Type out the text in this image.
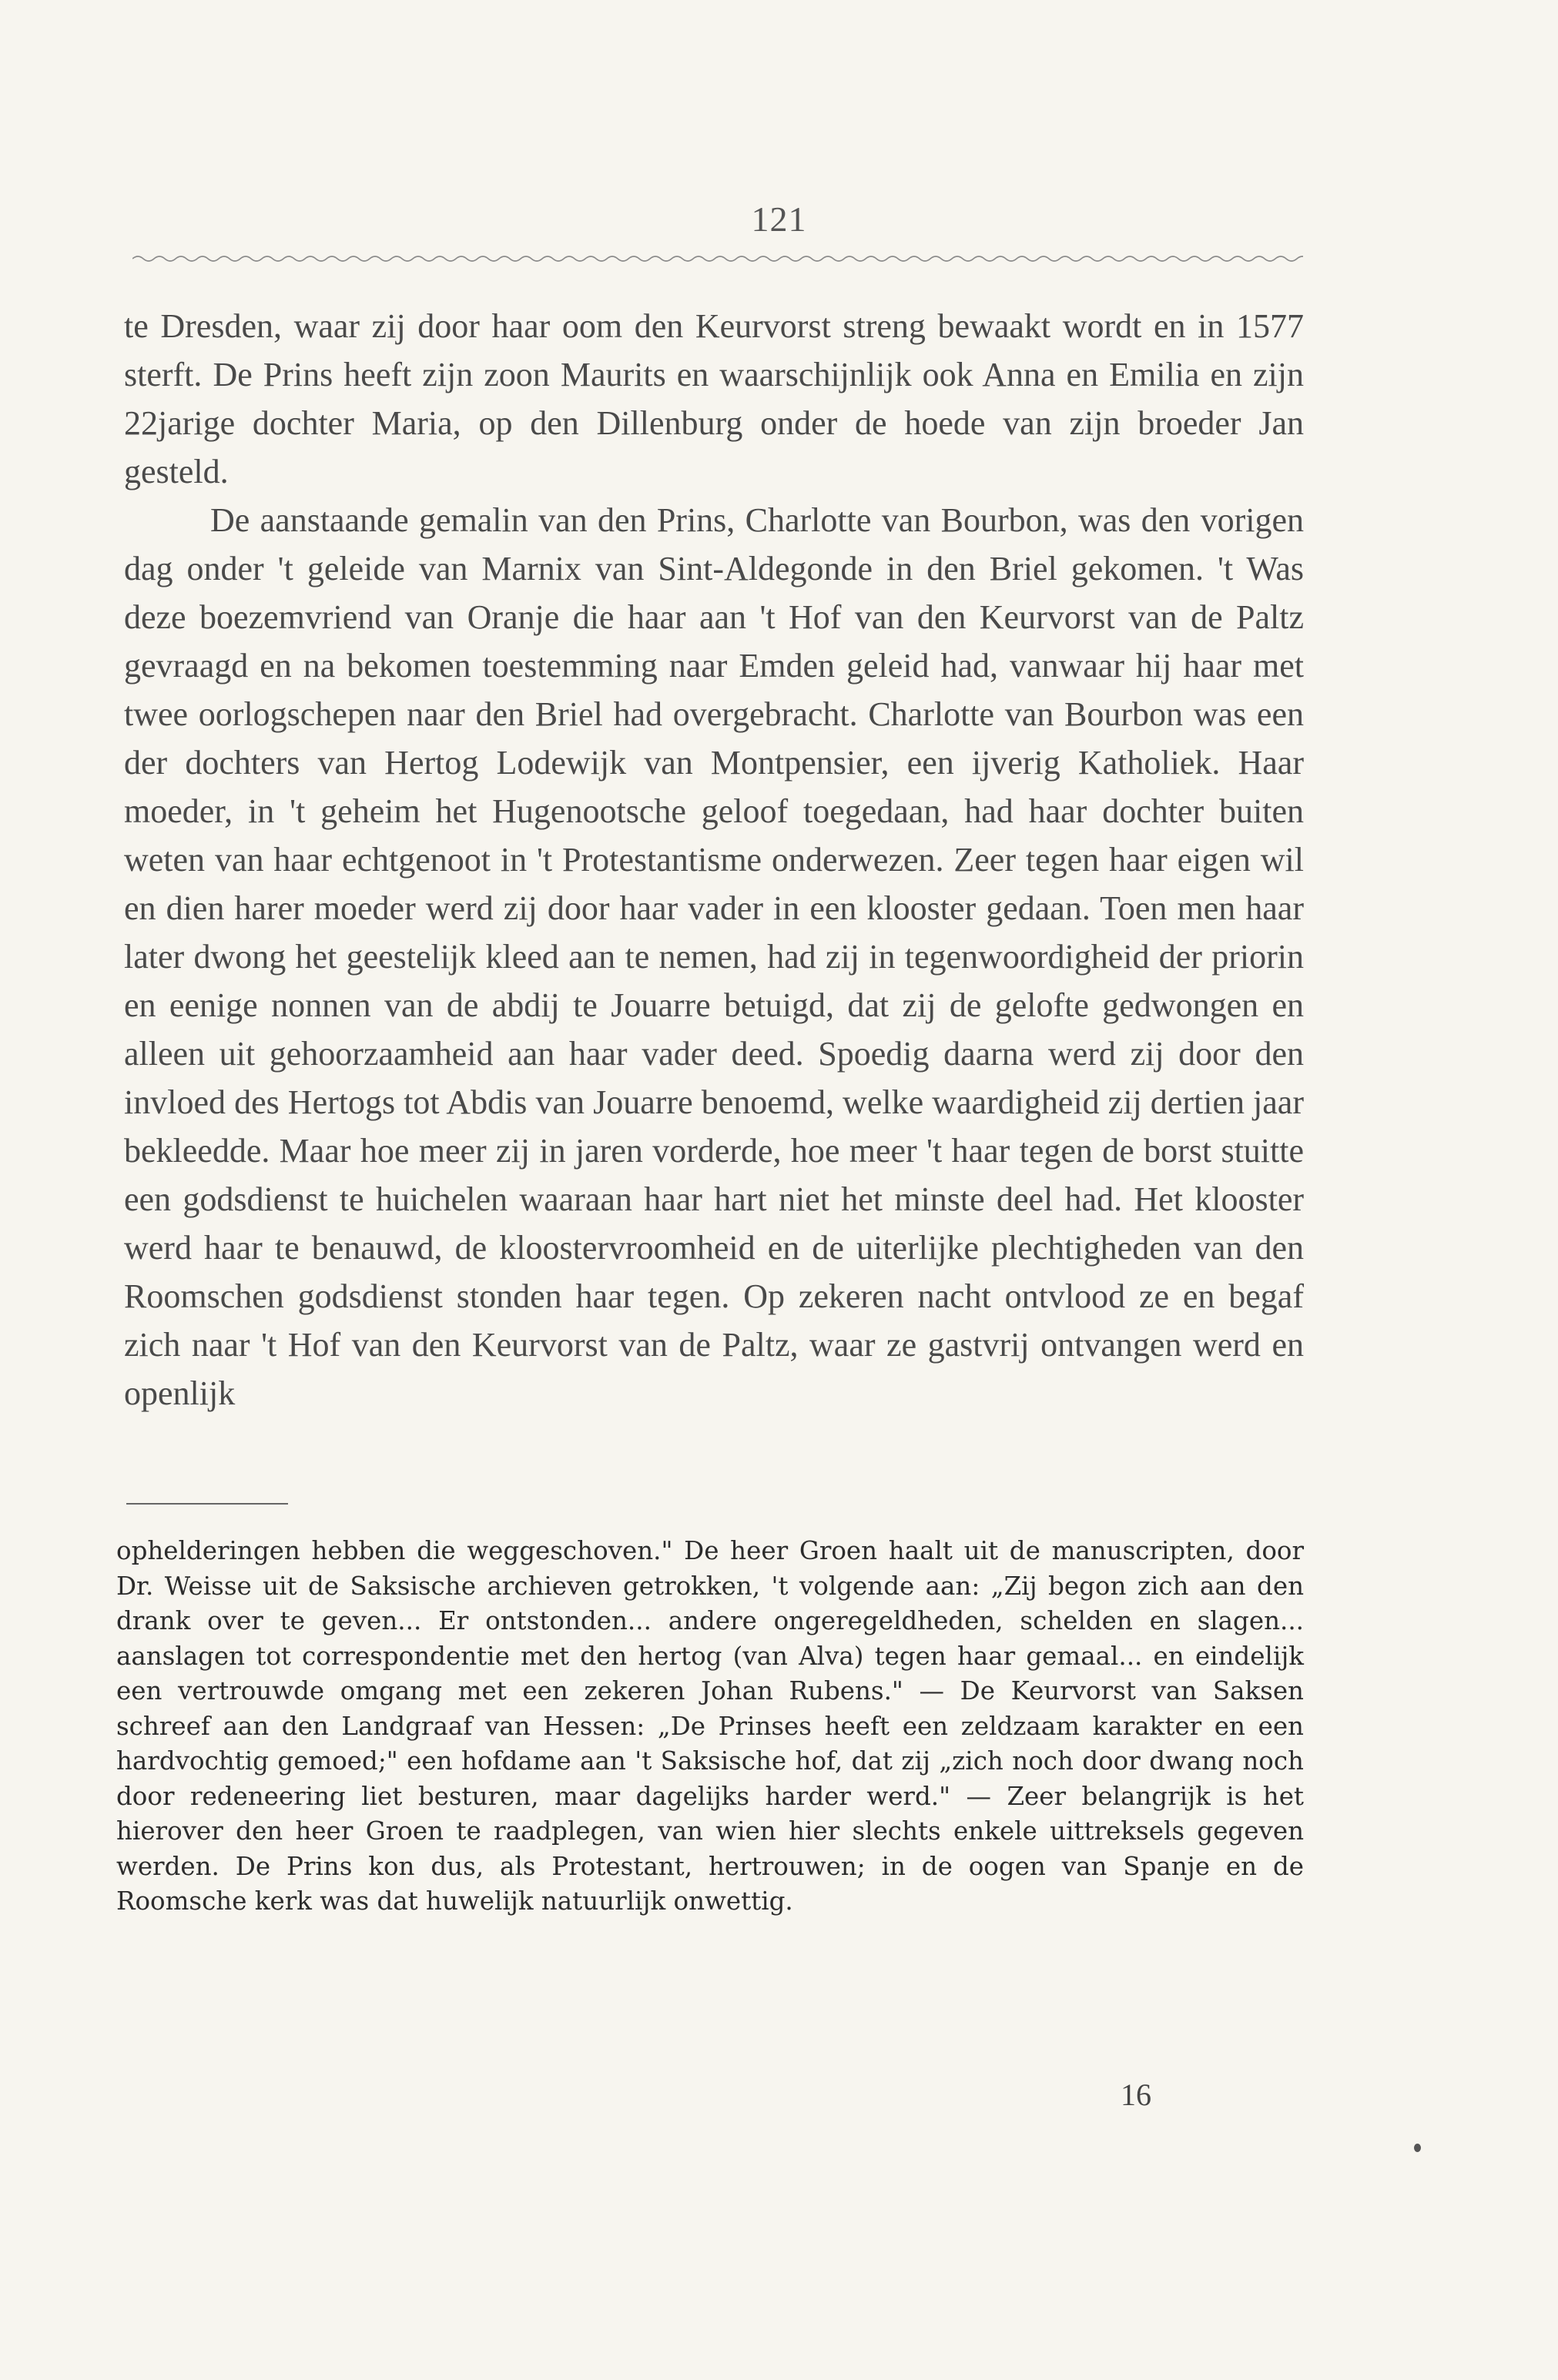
121

te Dresden, waar zij door haar oom den Keurvorst streng bewaakt wordt en in 1577 sterft. De Prins heeft zijn zoon Maurits en waarschijnlijk ook Anna en Emilia en zijn 22jarige dochter Maria, op den Dillenburg onder de hoede van zijn broeder Jan gesteld.

De aanstaande gemalin van den Prins, Charlotte van Bourbon, was den vorigen dag onder 't geleide van Marnix van Sint-Aldegonde in den Briel gekomen. 't Was deze boezemvriend van Oranje die haar aan 't Hof van den Keurvorst van de Paltz gevraagd en na bekomen toestemming naar Emden geleid had, vanwaar hij haar met twee oorlogschepen naar den Briel had overgebracht. Charlotte van Bourbon was een der dochters van Hertog Lodewijk van Montpensier, een ijverig Katholiek. Haar moeder, in 't geheim het Hugenootsche geloof toegedaan, had haar dochter buiten weten van haar echtgenoot in 't Protestantisme onderwezen. Zeer tegen haar eigen wil en dien harer moeder werd zij door haar vader in een klooster gedaan. Toen men haar later dwong het geestelijk kleed aan te nemen, had zij in tegenwoordigheid der priorin en eenige nonnen van de abdij te Jouarre betuigd, dat zij de gelofte gedwongen en alleen uit gehoorzaamheid aan haar vader deed. Spoedig daarna werd zij door den invloed des Hertogs tot Abdis van Jouarre benoemd, welke waardigheid zij dertien jaar bekleedde. Maar hoe meer zij in jaren vorderde, hoe meer 't haar tegen de borst stuitte een godsdienst te huichelen waaraan haar hart niet het minste deel had. Het klooster werd haar te benauwd, de kloostervroomheid en de uiterlijke plechtigheden van den Roomschen godsdienst stonden haar tegen. Op zekeren nacht ontvlood ze en begaf zich naar 't Hof van den Keurvorst van de Paltz, waar ze gastvrij ontvangen werd en openlijk

ophelderingen hebben die weggeschoven." De heer Groen haalt uit de manuscripten, door Dr. Weisse uit de Saksische archieven getrokken, 't volgende aan: „Zij begon zich aan den drank over te geven... Er ontstonden... andere ongeregeldheden, schelden en slagen... aanslagen tot correspondentie met den hertog (van Alva) tegen haar gemaal... en eindelijk een vertrouwde omgang met een zekeren Johan Rubens." — De Keurvorst van Saksen schreef aan den Landgraaf van Hessen: „De Prinses heeft een zeldzaam karakter en een hardvochtig gemoed;" een hofdame aan 't Saksische hof, dat zij „zich noch door dwang noch door redeneering liet besturen, maar dagelijks harder werd." — Zeer belangrijk is het hierover den heer Groen te raadplegen, van wien hier slechts enkele uittreksels gegeven werden. De Prins kon dus, als Protestant, hertrouwen; in de oogen van Spanje en de Roomsche kerk was dat huwelijk natuurlijk onwettig.

16
